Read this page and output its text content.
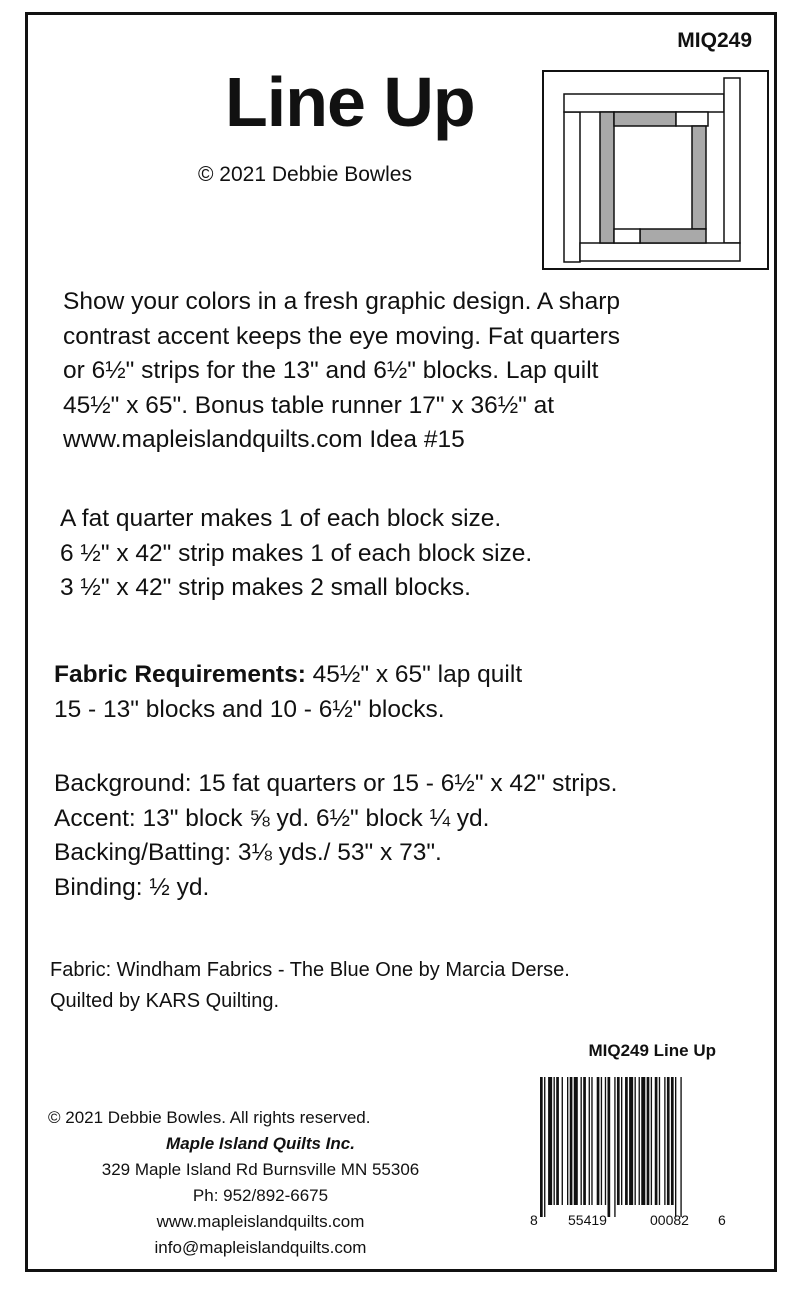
MIQ249
Line Up
© 2021 Debbie Bowles
Show your colors in a fresh graphic design. A sharp
contrast accent keeps the eye moving. Fat quarters
or 6½" strips for the 13" and 6½" blocks. Lap quilt
45½" x 65". Bonus table runner 17" x 36½" at
www.mapleislandquilts.com Idea #15
A fat quarter makes 1 of each block size.
6 ½" x 42" strip makes 1 of each block size.
3 ½" x 42" strip makes 2 small blocks.
Fabric Requirements: 45½" x 65" lap quilt
15 - 13" blocks and 10 - 6½" blocks.
Background: 15 fat quarters or 15 - 6½" x 42" strips.
Accent: 13" block ⅝ yd. 6½" block ¼ yd.
Backing/Batting: 3⅛ yds./ 53" x 73".
Binding: ½ yd.
Fabric: Windham Fabrics - The Blue One by Marcia Derse.
Quilted by KARS Quilting.
MIQ249 Line Up
© 2021 Debbie Bowles. All rights reserved.
Maple Island Quilts Inc.
329 Maple Island Rd Burnsville MN 55306
Ph: 952/892-6675
www.mapleislandquilts.com
info@mapleislandquilts.com
8 55419	00082 6
